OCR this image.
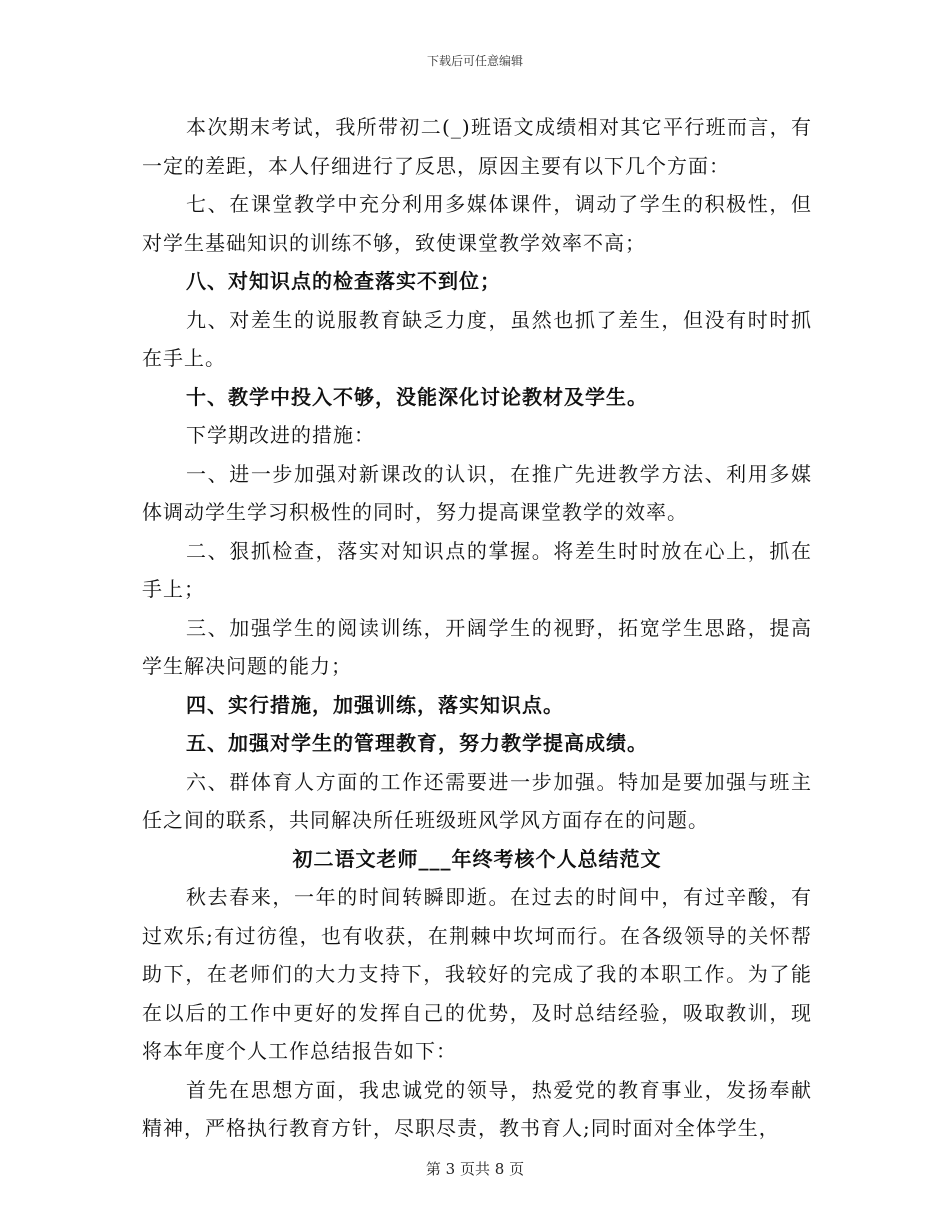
下载后可任意编辑

本次期末考试，我所带初二(_)班语文成绩相对其它平行班而言，有一定的差距，本人仔细进行了反思，原因主要有以下几个方面：

七、在课堂教学中充分利用多媒体课件，调动了学生的积极性，但对学生基础知识的训练不够，致使课堂教学效率不高；

八、对知识点的检查落实不到位；

九、对差生的说服教育缺乏力度，虽然也抓了差生，但没有时时抓在手上。

十、教学中投入不够，没能深化讨论教材及学生。

下学期改进的措施：

一、进一步加强对新课改的认识，在推广先进教学方法、利用多媒体调动学生学习积极性的同时，努力提高课堂教学的效率。

二、狠抓检查，落实对知识点的掌握。将差生时时放在心上，抓在手上；

三、加强学生的阅读训练，开阔学生的视野，拓宽学生思路，提高学生解决问题的能力；

四、实行措施，加强训练，落实知识点。

五、加强对学生的管理教育，努力教学提高成绩。

六、群体育人方面的工作还需要进一步加强。特加是要加强与班主任之间的联系，共同解决所任班级班风学风方面存在的问题。

初二语文老师___年终考核个人总结范文

秋去春来，一年的时间转瞬即逝。在过去的时间中，有过辛酸，有过欢乐;有过彷徨，也有收获，在荆棘中坎坷而行。在各级领导的关怀帮助下，在老师们的大力支持下，我较好的完成了我的本职工作。为了能在以后的工作中更好的发挥自己的优势，及时总结经验，吸取教训，现将本年度个人工作总结报告如下：

首先在思想方面，我忠诚党的领导，热爱党的教育事业，发扬奉献精神，严格执行教育方针，尽职尽责，教书育人;同时面对全体学生，

第 3 页共 8 页
